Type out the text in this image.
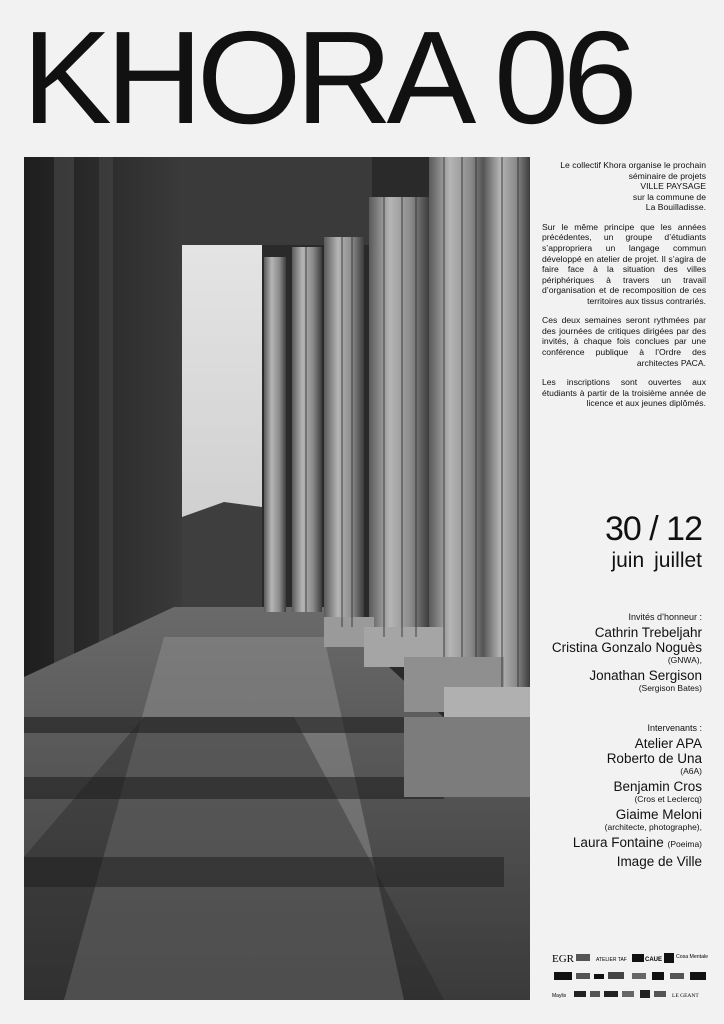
KHORA 06

Le collectif Khora organise le prochain séminaire de projets
VILLE PAYSAGE
sur la commune de
La Bouilladisse.

Sur le même principe que les années précédentes, un groupe d’étudiants s’appropriera un langage commun développé en atelier de projet. Il s’agira de faire face à la situation des villes périphériques à travers un travail d’organisation et de recomposition de ces territoires aux tissus contrariés.

Ces deux semaines seront rythmées par des journées de critiques dirigées par des invités, à chaque fois conclues par une conférence publique à l’Ordre des architectes PACA.

Les inscriptions sont ouvertes aux étudiants à partir de la troisième année de licence et aux jeunes diplômés.

30 / 12
juin juillet
Invités d’honneur :
Cathrin Trebeljahr
Cristina Gonzalo Noguès
(GNWA),
Jonathan Sergison
(Sergison Bates)
Intervenants :
Atelier APA
Roberto de Una
(A6A)
Benjamin Cros
(Cros et Leclercq)
Giaime Meloni
(architecte, photographe),
Laura Fontaine (Poeima)
Image de Ville
EGR	ATELIER TAF	CAUE	Cosa Mentale
Maylis	LE GEANT
